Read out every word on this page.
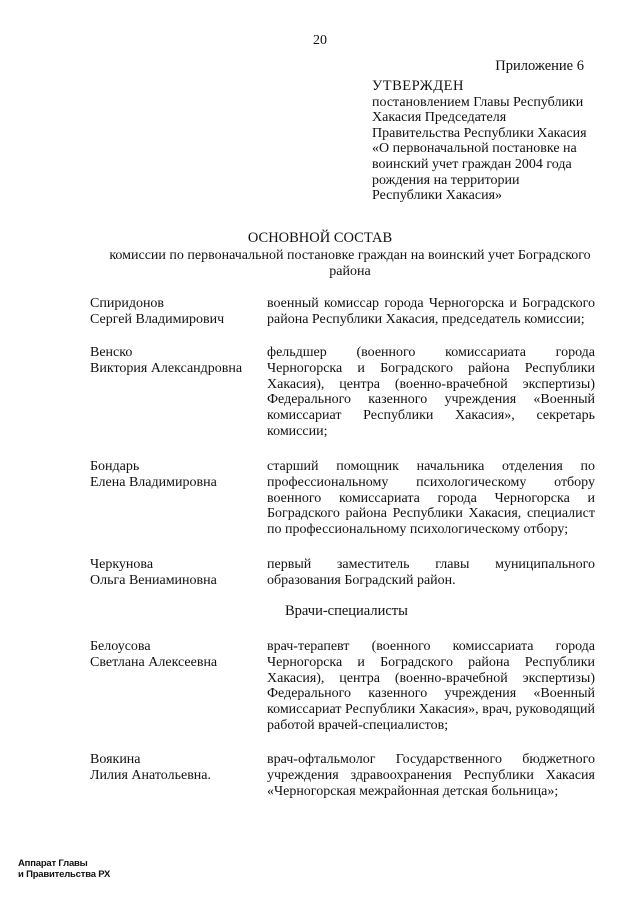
20
Приложение 6
УТВЕРЖДЕН
постановлением Главы Республики
Хакасия Председателя
Правительства Республики Хакасия
«О первоначальной постановке на
воинский учет граждан 2004 года
рождения на территории
Республики Хакасия»
ОСНОВНОЙ СОСТАВ
комиссии по первоначальной постановке граждан на воинский учет Боградского района
Спиридонов
Сергей Владимирович
военный комиссар города Черногорска и Боградского района Республики Хакасия, председатель комиссии;
Венско
Виктория Александровна
фельдшер (военного комиссариата города Черногорска и Боградского района Республики Хакасия), центра (военно-врачебной экспертизы) Федерального казенного учреждения «Военный комиссариат Республики Хакасия», секретарь комиссии;
Бондарь
Елена Владимировна
старший помощник начальника отделения по профессиональному психологическому отбору военного комиссариата города Черногорска и Боградского района Республики Хакасия, специалист по профессиональному психологическому отбору;
Черкунова
Ольга Вениаминовна
первый заместитель главы муниципального образования Боградский район.
Врачи-специалисты
Белоусова
Светлана Алексеевна
врач-терапевт (военного комиссариата города Черногорска и Боградского района Республики Хакасия), центра (военно-врачебной экспертизы) Федерального казенного учреждения «Военный комиссариат Республики Хакасия», врач, руководящий работой врачей-специалистов;
Воякина
Лилия Анатольевна.
врач-офтальмолог Государственного бюджетного учреждения здравоохранения Республики Хакасия «Черногорская межрайонная детская больница»;
Аппарат Главы
и Правительства РХ
